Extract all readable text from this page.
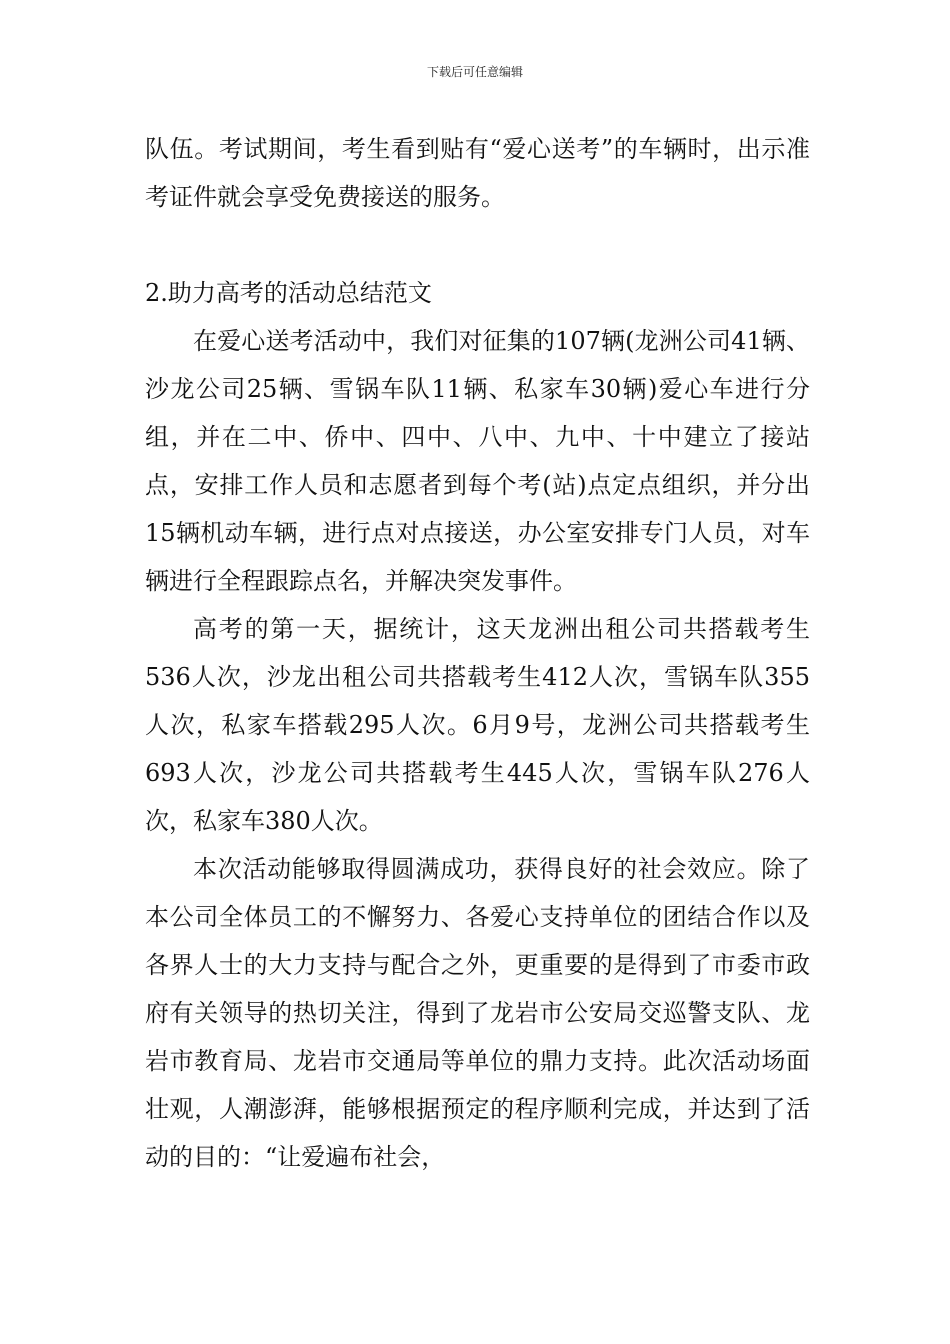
下载后可任意编辑

队伍。考试期间，考生看到贴有“爱心送考”的车辆时，出示准考证件就会享受免费接送的服务。

2.助力高考的活动总结范文

在爱心送考活动中，我们对征集的107辆(龙洲公司41辆、沙龙公司25辆、雪锅车队11辆、私家车30辆)爱心车进行分组，并在二中、侨中、四中、八中、九中、十中建立了接站点，安排工作人员和志愿者到每个考(站)点定点组织，并分出15辆机动车辆，进行点对点接送，办公室安排专门人员，对车辆进行全程跟踪点名，并解决突发事件。

高考的第一天，据统计，这天龙洲出租公司共搭载考生536人次，沙龙出租公司共搭载考生412人次，雪锅车队355人次，私家车搭载295人次。6月9号，龙洲公司共搭载考生693人次，沙龙公司共搭载考生445人次，雪锅车队276人次，私家车380人次。

本次活动能够取得圆满成功，获得良好的社会效应。除了本公司全体员工的不懈努力、各爱心支持单位的团结合作以及各界人士的大力支持与配合之外，更重要的是得到了市委市政府有关领导的热切关注，得到了龙岩市公安局交巡警支队、龙岩市教育局、龙岩市交通局等单位的鼎力支持。此次活动场面壮观，人潮澎湃，能够根据预定的程序顺利完成，并达到了活动的目的：“让爱遍布社会，
